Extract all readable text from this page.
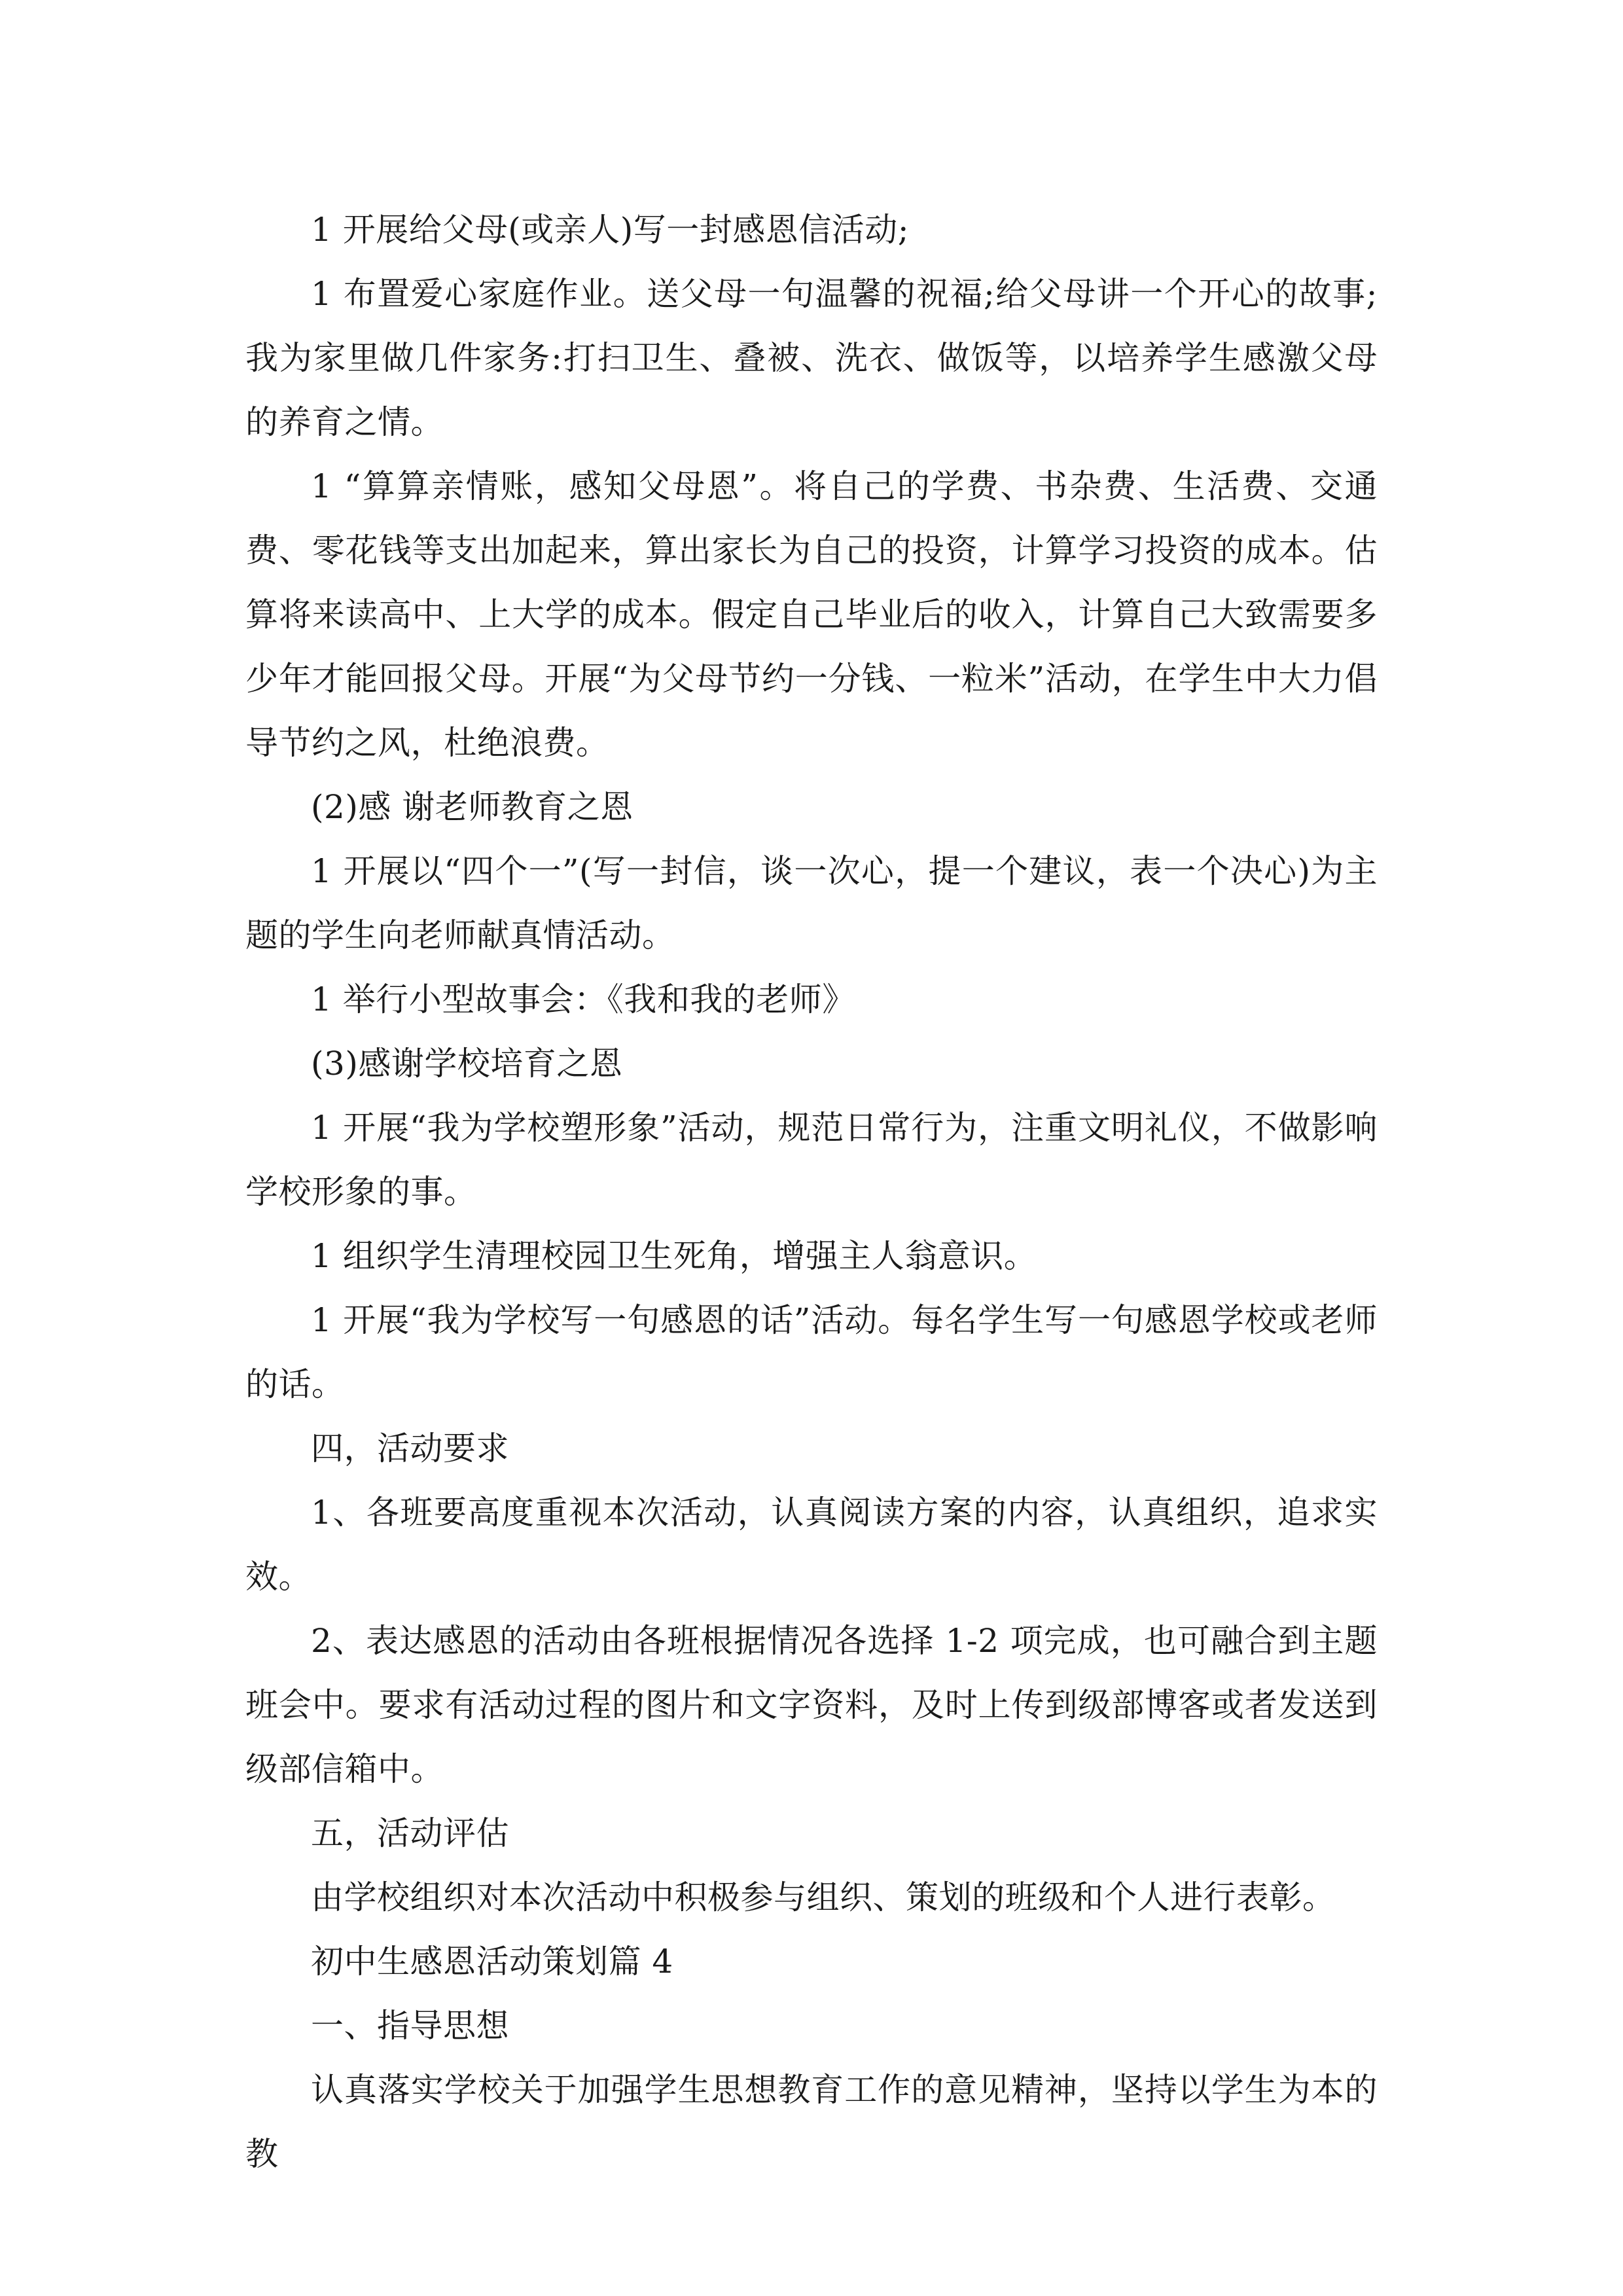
1 开展给父母(或亲人)写一封感恩信活动;

1 布置爱心家庭作业。送父母一句温馨的祝福;给父母讲一个开心的故事;我为家里做几件家务:打扫卫生、叠被、洗衣、做饭等，以培养学生感激父母的养育之情。

1 “算算亲情账，感知父母恩”。将自己的学费、书杂费、生活费、交通费、零花钱等支出加起来，算出家长为自己的投资，计算学习投资的成本。估算将来读高中、上大学的成本。假定自己毕业后的收入，计算自己大致需要多少年才能回报父母。开展“为父母节约一分钱、一粒米”活动，在学生中大力倡导节约之风，杜绝浪费。

(2)感 谢老师教育之恩

1 开展以“四个一”(写一封信，谈一次心，提一个建议，表一个决心)为主题的学生向老师献真情活动。

1 举行小型故事会：《我和我的老师》

(3)感谢学校培育之恩

1 开展“我为学校塑形象”活动，规范日常行为，注重文明礼仪，不做影响学校形象的事。

1 组织学生清理校园卫生死角，增强主人翁意识。

1 开展“我为学校写一句感恩的话”活动。每名学生写一句感恩学校或老师的话。

四，活动要求

1、各班要高度重视本次活动，认真阅读方案的内容，认真组织，追求实效。

2、表达感恩的活动由各班根据情况各选择 1-2 项完成，也可融合到主题班会中。要求有活动过程的图片和文字资料，及时上传到级部博客或者发送到级部信箱中。

五，活动评估

由学校组织对本次活动中积极参与组织、策划的班级和个人进行表彰。

初中生感恩活动策划篇 4

一、指导思想

认真落实学校关于加强学生思想教育工作的意见精神，坚持以学生为本的教
